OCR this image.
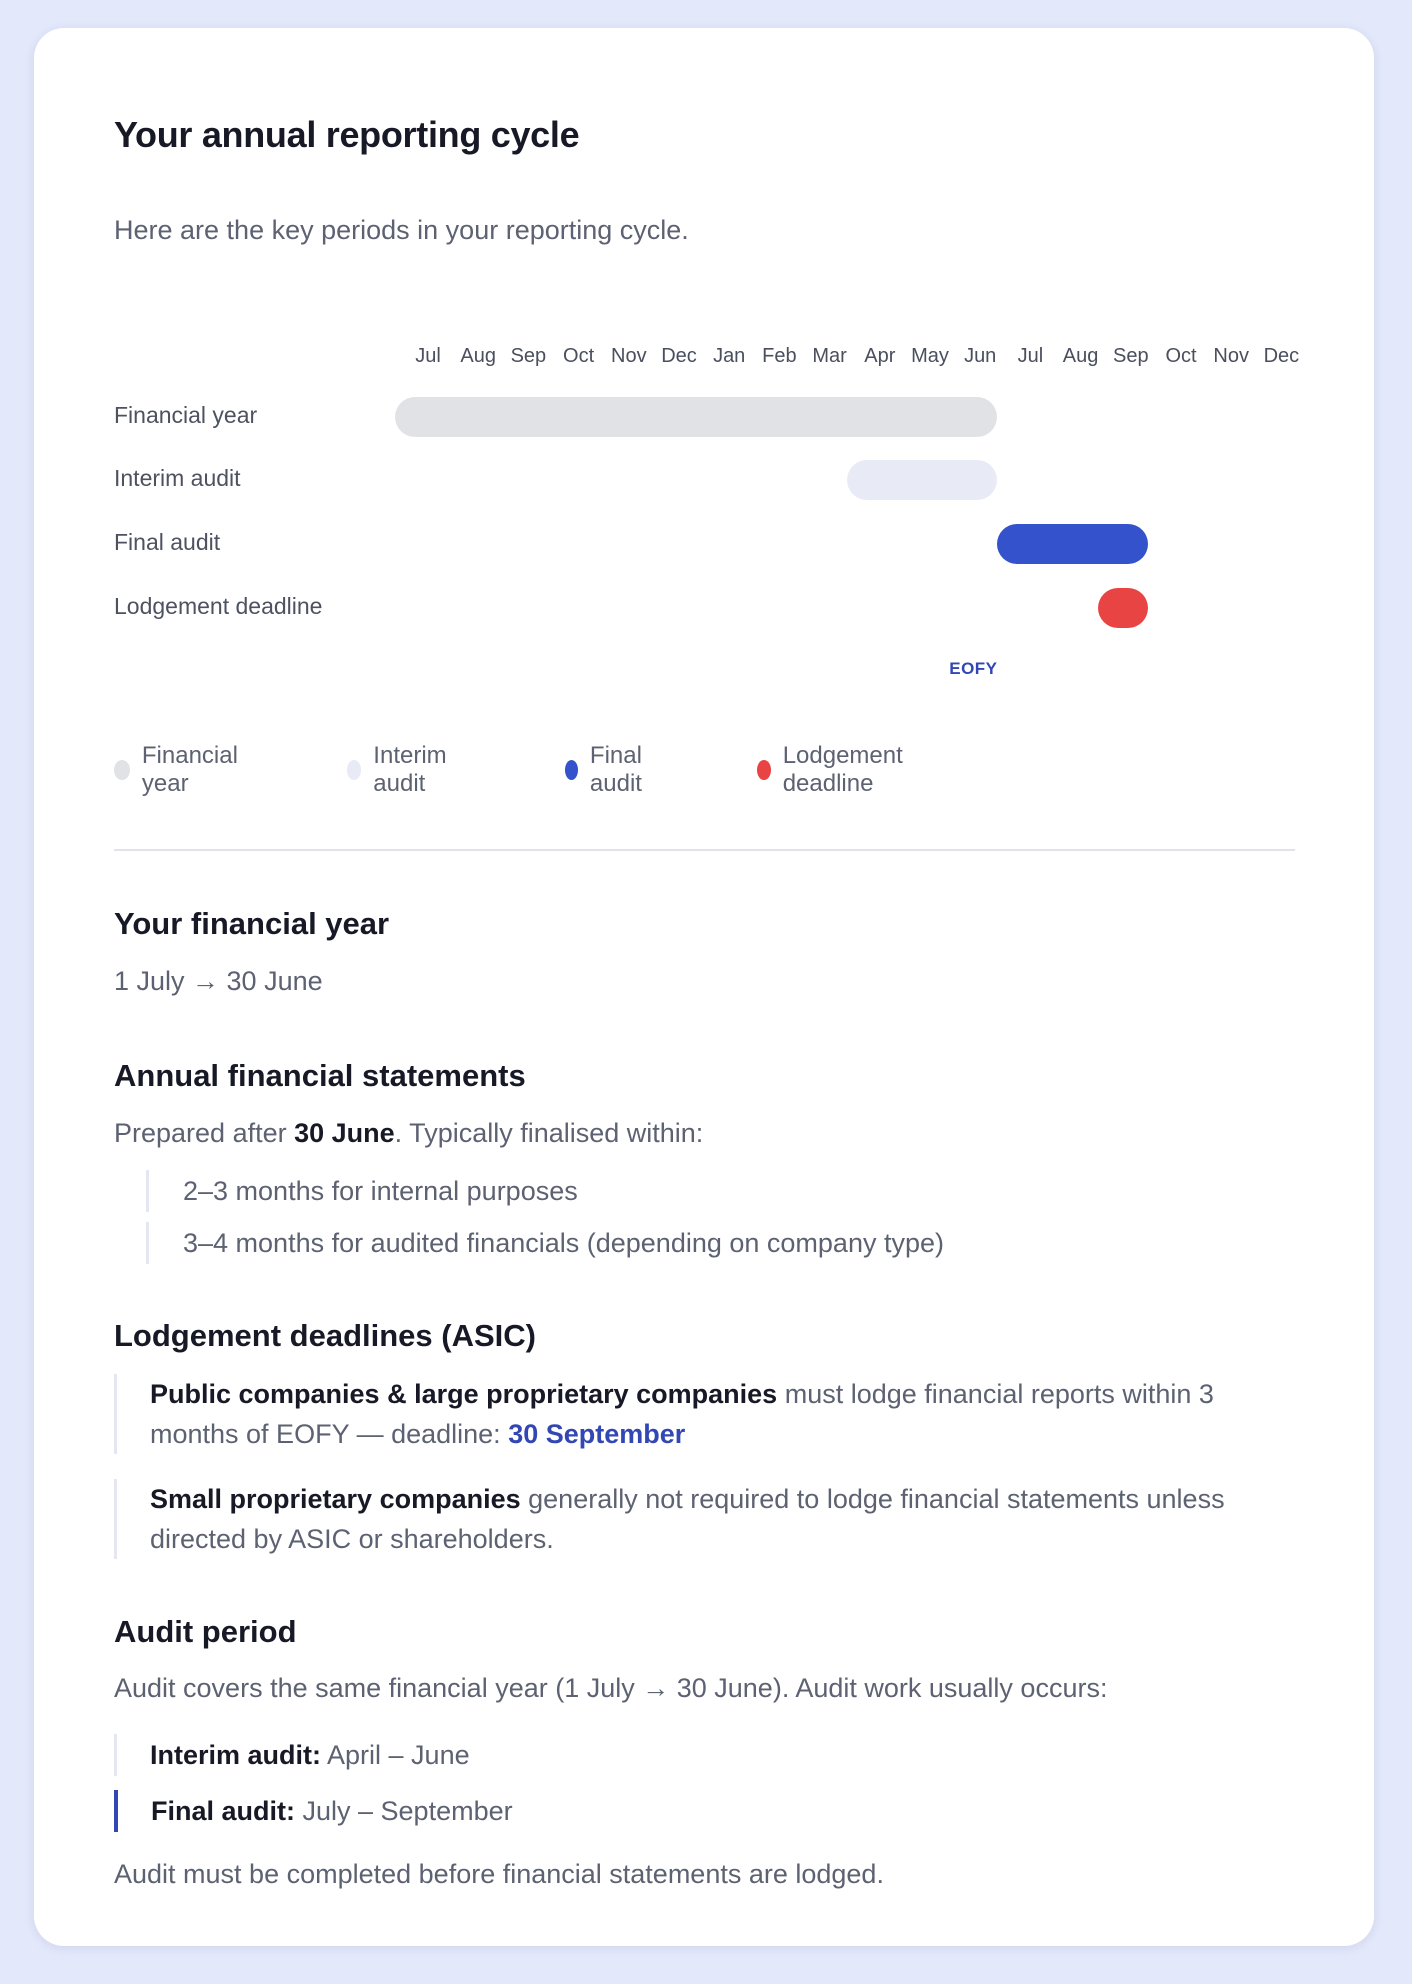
Your annual reporting cycle

Here are the key periods in your reporting cycle.

Jul Aug Sep Oct Nov Dec Jan Feb Mar Apr May Jun	Jul Aug Sep Oct Nov Dec
Financial year
Interim audit
Final audit
Lodgement deadline
EOFY
Financial year
Interim audit
Final audit
Lodgement deadline
Your financial year

1 July → 30 June

Annual financial statements

Prepared after 30 June. Typically finalised within:

2–3 months for internal purposes
3–4 months for audited financials (depending on company type)
Lodgement deadlines (ASIC)
Public companies & large proprietary companies must lodge financial reports within 3 months of EOFY — deadline: 30 September
Small proprietary companies generally not required to lodge financial statements unless directed by ASIC or shareholders.
Audit period

Audit covers the same financial year (1 July → 30 June). Audit work usually occurs:

Interim audit: April – June
Final audit: July – September

Audit must be completed before financial statements are lodged.
